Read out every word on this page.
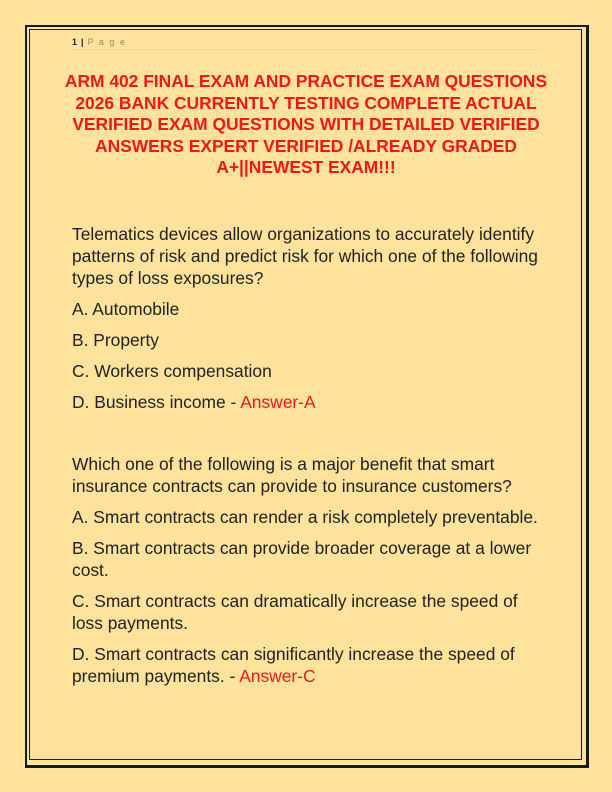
1 | P a g e
ARM 402 FINAL EXAM AND PRACTICE EXAM QUESTIONS 2026 BANK CURRENTLY TESTING COMPLETE ACTUAL VERIFIED EXAM QUESTIONS WITH DETAILED VERIFIED ANSWERS EXPERT VERIFIED /ALREADY GRADED A+||NEWEST EXAM!!!

Telematics devices allow organizations to accurately identify patterns of risk and predict risk for which one of the following types of loss exposures?

A. Automobile

B. Property

C. Workers compensation

D. Business income - Answer-A

Which one of the following is a major benefit that smart insurance contracts can provide to insurance customers?

A. Smart contracts can render a risk completely preventable.

B. Smart contracts can provide broader coverage at a lower cost.

C. Smart contracts can dramatically increase the speed of loss payments.

D. Smart contracts can significantly increase the speed of premium payments. - Answer-C
